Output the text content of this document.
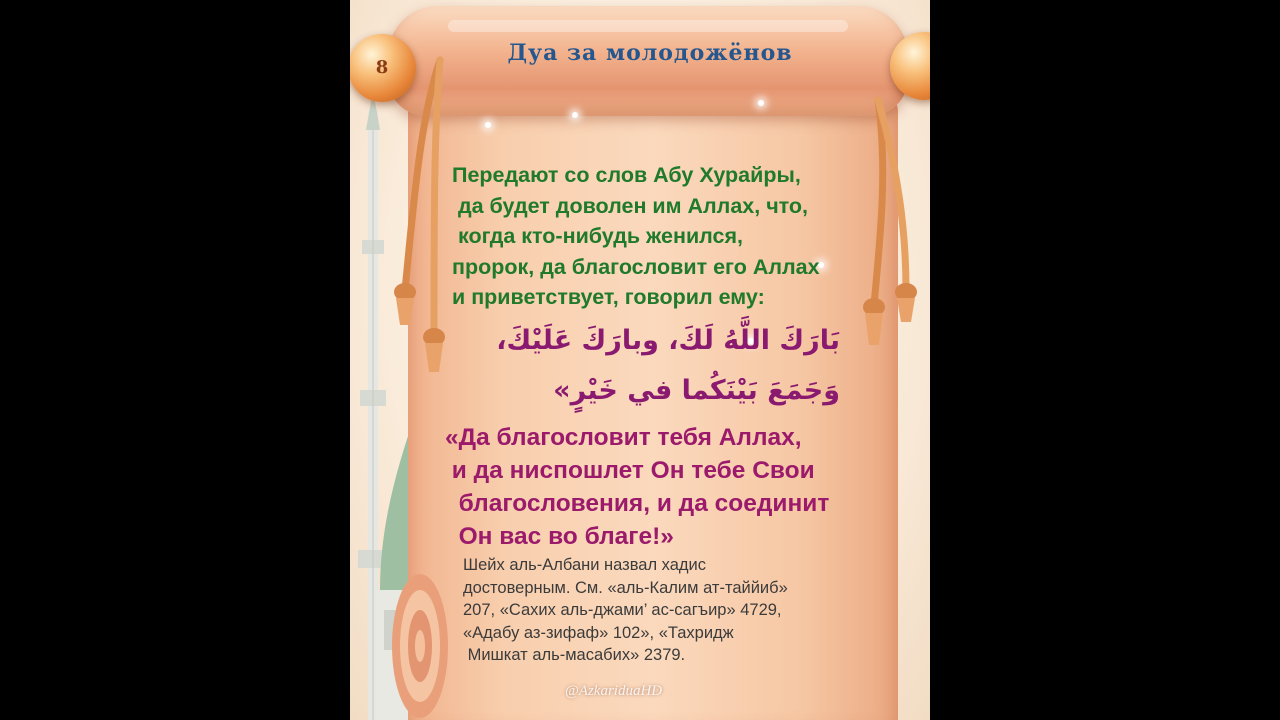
8
Дуа за молодожёнов

Передают со слов Абу Хурайры,
да будет доволен им Аллах, что,
когда кто-нибудь женился,
пророк, да благословит его Аллах
и приветствует, говорил ему:

بَارَكَ اللَّهُ لَكَ، وبارَكَ عَلَيْكَ،
وَجَمَعَ بَيْنَكُما في خَيْرٍ»

«Да благословит тебя Аллах,
и да ниспошлет Он тебе Свои
благословения, и да соединит
Он вас во благе!»

Шейх аль-Албани назвал хадис
достоверным. См. «аль-Калим ат-таййиб»
207, «Сахих аль-джами’ ас-сагъир» 4729,
«Адабу аз-зифаф» 102», «Тахридж
Мишкат аль-масабих» 2379.

@AzkariduaHD
